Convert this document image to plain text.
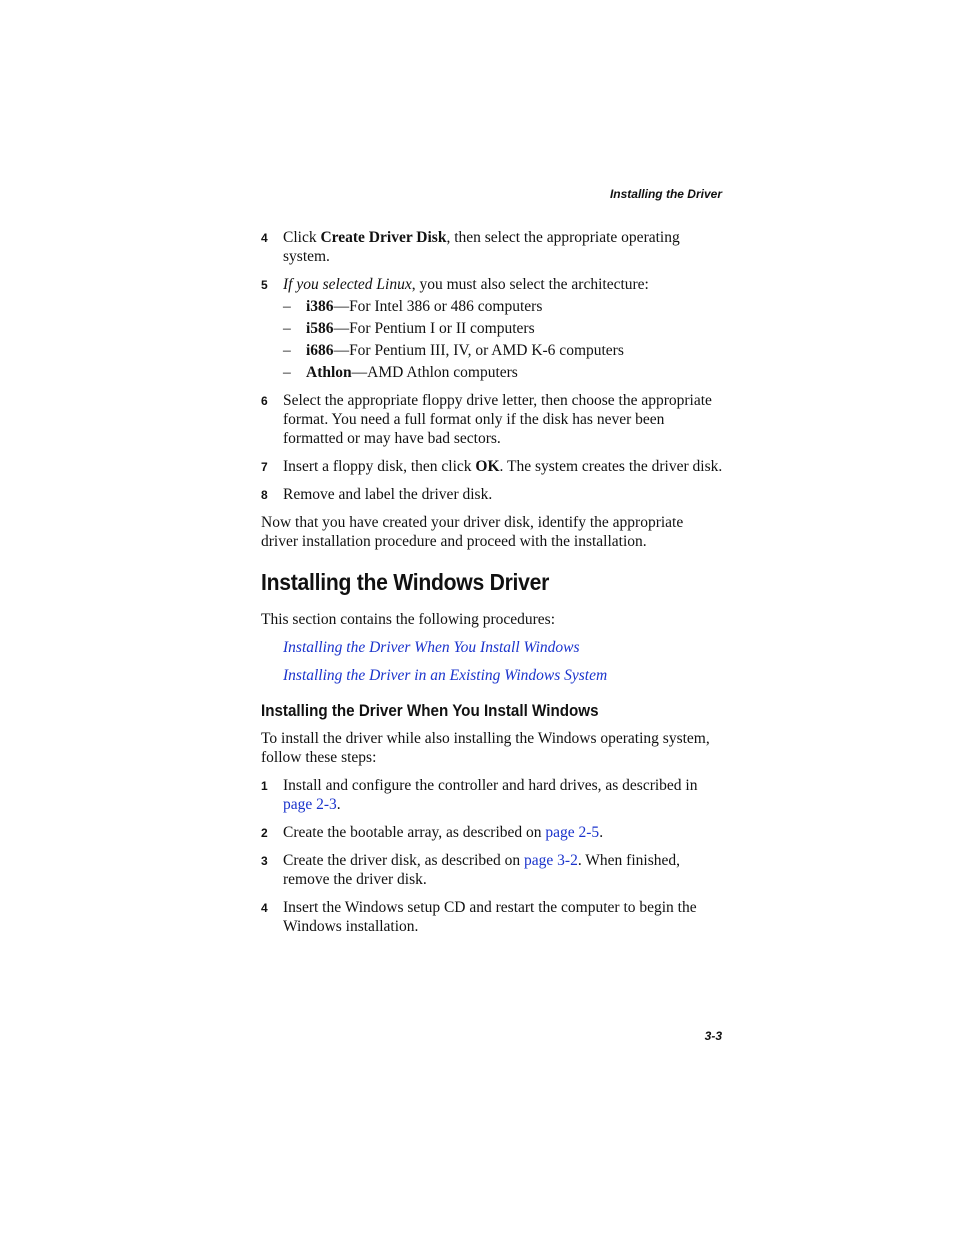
Installing the Driver
4 Click Create Driver Disk, then select the appropriate operating system.
5 If you selected Linux, you must also select the architecture:
– i386—For Intel 386 or 486 computers
– i586—For Pentium I or II computers
– i686—For Pentium III, IV, or AMD K-6 computers
– Athlon—AMD Athlon computers
6 Select the appropriate floppy drive letter, then choose the appropriate format. You need a full format only if the disk has never been formatted or may have bad sectors.
7 Insert a floppy disk, then click OK. The system creates the driver disk.
8 Remove and label the driver disk.
Now that you have created your driver disk, identify the appropriate driver installation procedure and proceed with the installation.
Installing the Windows Driver
This section contains the following procedures:
Installing the Driver When You Install Windows
Installing the Driver in an Existing Windows System
Installing the Driver When You Install Windows
To install the driver while also installing the Windows operating system, follow these steps:
1 Install and configure the controller and hard drives, as described in page 2-3.
2 Create the bootable array, as described on page 2-5.
3 Create the driver disk, as described on page 3-2. When finished, remove the driver disk.
4 Insert the Windows setup CD and restart the computer to begin the Windows installation.
3-3
